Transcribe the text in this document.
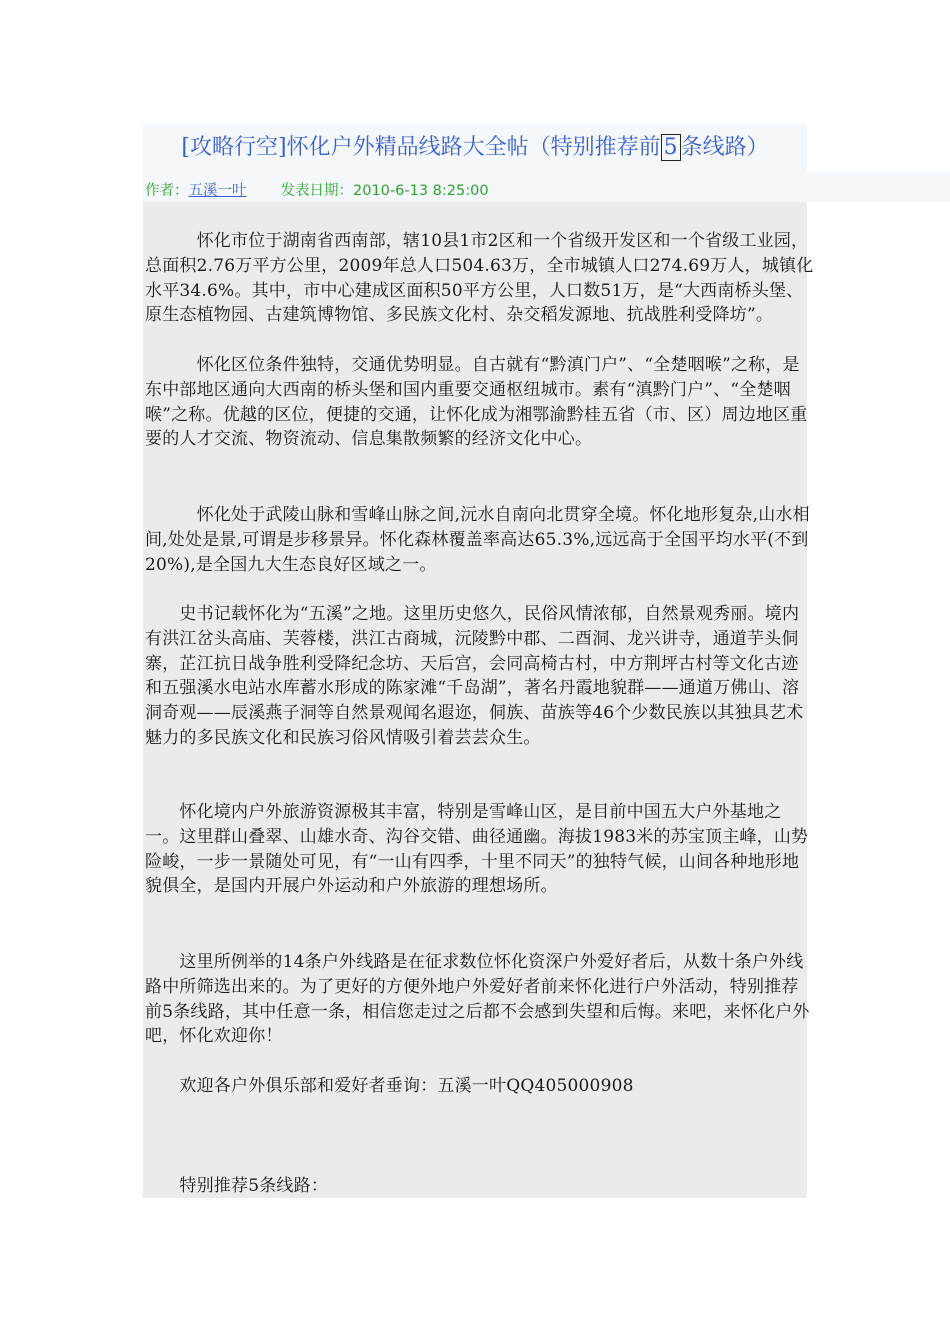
[攻略行空]怀化户外精品线路大全帖（特别推荐前 5 条线路）
作者：五溪一叶 发表日期：2010-6-13 8:25:00

　　　怀化市位于湖南省西南部，辖10县1市2区和一个省级开发区和一个省级工业园，总面积2.76万平方公里，2009年总人口504.63万，全市城镇人口274.69万人，城镇化水平34.6%。其中，市中心建成区面积50平方公里，人口数51万，是“大西南桥头堡、原生态植物园、古建筑博物馆、多民族文化村、杂交稻发源地、抗战胜利受降坊”。

　　　怀化区位条件独特，交通优势明显。自古就有“黔滇门户”、“全楚咽喉”之称，是东中部地区通向大西南的桥头堡和国内重要交通枢纽城市。素有“滇黔门户”、“全楚咽喉”之称。优越的区位，便捷的交通，让怀化成为湘鄂渝黔桂五省（市、区）周边地区重要的人才交流、物资流动、信息集散频繁的经济文化中心。

　　　怀化处于武陵山脉和雪峰山脉之间,沅水自南向北贯穿全境。怀化地形复杂,山水相间,处处是景,可谓是步移景异。怀化森林覆盖率高达65.3%,远远高于全国平均水平(不到20%),是全国九大生态良好区域之一。

　　史书记载怀化为“五溪”之地。这里历史悠久，民俗风情浓郁，自然景观秀丽。境内有洪江岔头高庙、芙蓉楼，洪江古商城，沅陵黔中郡、二酉洞、龙兴讲寺，通道芋头侗寨，芷江抗日战争胜利受降纪念坊、天后宫，会同高椅古村，中方荆坪古村等文化古迹和五强溪水电站水库蓄水形成的陈家滩“千岛湖”，著名丹霞地貌群——通道万佛山、溶洞奇观——辰溪燕子洞等自然景观闻名遐迩，侗族、苗族等46个少数民族以其独具艺术魅力的多民族文化和民族习俗风情吸引着芸芸众生。

　　怀化境内户外旅游资源极其丰富，特别是雪峰山区，是目前中国五大户外基地之一。这里群山叠翠、山雄水奇、沟谷交错、曲径通幽。海拔1983米的苏宝顶主峰，山势险峻，一步一景随处可见，有“一山有四季，十里不同天”的独特气候，山间各种地形地貌俱全，是国内开展户外运动和户外旅游的理想场所。

　　这里所例举的14条户外线路是在征求数位怀化资深户外爱好者后，从数十条户外线路中所筛选出来的。为了更好的方便外地户外爱好者前来怀化进行户外活动，特别推荐前5条线路，其中任意一条，相信您走过之后都不会感到失望和后悔。来吧，来怀化户外吧，怀化欢迎你！

　　欢迎各户外俱乐部和爱好者垂询：五溪一叶QQ405000908

　　特别推荐5条线路：
